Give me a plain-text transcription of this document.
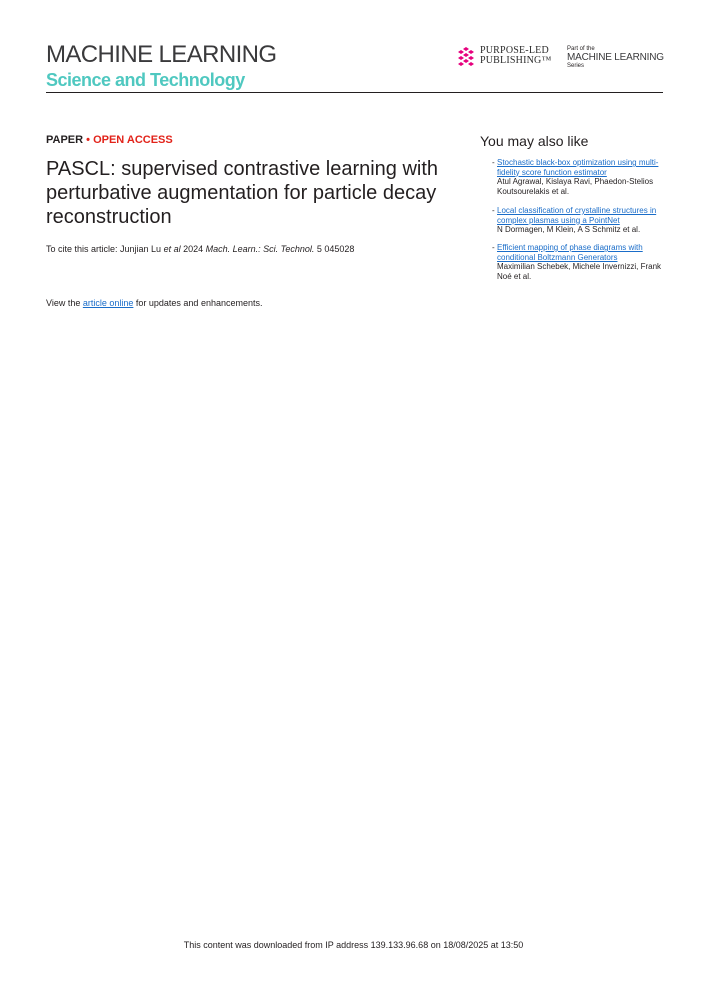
MACHINE LEARNING
Science and Technology
PURPOSE-LED
PUBLISHING™
Part of the
MACHINE LEARNING
Series
PAPER • OPEN ACCESS
PASCL: supervised contrastive learning with perturbative augmentation for particle decay reconstruction
To cite this article: Junjian Lu et al 2024 Mach. Learn.: Sci. Technol. 5 045028
View the article online for updates and enhancements.
You may also like
- Stochastic black-box optimization using multi-fidelity score function estimator
Atul Agrawal, Kislaya Ravi, Phaedon-Stelios Koutsourelakis et al.
- Local classification of crystalline structures in complex plasmas using a PointNet
N Dormagen, M Klein, A S Schmitz et al.
- Efficient mapping of phase diagrams with conditional Boltzmann Generators
Maximilian Schebek, Michele Invernizzi, Frank Noé et al.
This content was downloaded from IP address 139.133.96.68 on 18/08/2025 at 13:50
